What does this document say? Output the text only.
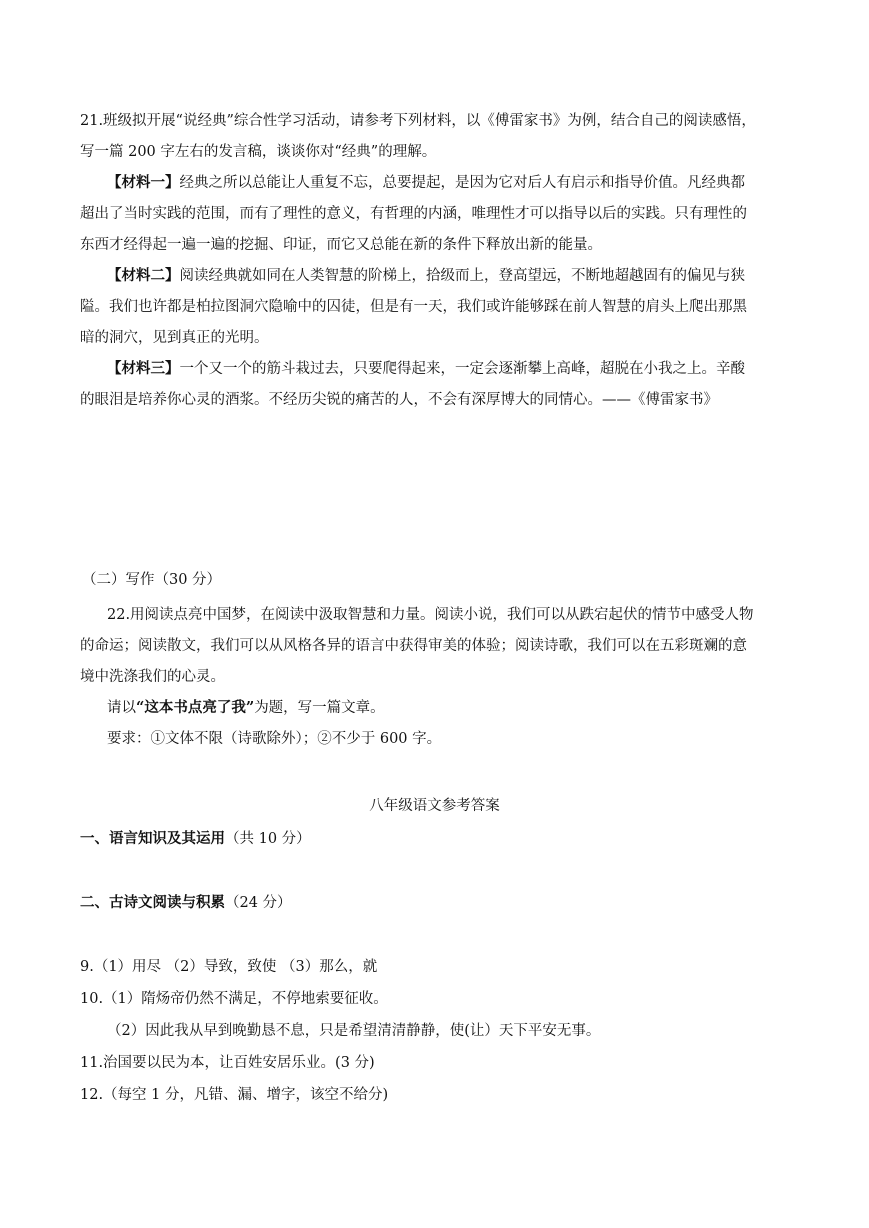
21.班级拟开展“说经典”综合性学习活动，请参考下列材料，以《傅雷家书》为例，结合自己的阅读感悟，
写一篇 200 字左右的发言稿，谈谈你对“经典”的理解。
【材料一】经典之所以总能让人重复不忘，总要提起，是因为它对后人有启示和指导价值。凡经典都
超出了当时实践的范围，而有了理性的意义，有哲理的内涵，唯理性才可以指导以后的实践。只有理性的
东西才经得起一遍一遍的挖掘、印证，而它又总能在新的条件下释放出新的能量。
【材料二】阅读经典就如同在人类智慧的阶梯上，拾级而上，登高望远，不断地超越固有的偏见与狭
隘。我们也许都是柏拉图洞穴隐喻中的囚徒，但是有一天，我们或许能够踩在前人智慧的肩头上爬出那黑
暗的洞穴，见到真正的光明。
【材料三】一个又一个的筋斗栽过去，只要爬得起来，一定会逐渐攀上高峰，超脱在小我之上。辛酸
的眼泪是培养你心灵的酒浆。不经历尖锐的痛苦的人，不会有深厚博大的同情心。——《傅雷家书》
（二）写作（30 分）
22.用阅读点亮中国梦，在阅读中汲取智慧和力量。阅读小说，我们可以从跌宕起伏的情节中感受人物
的命运；阅读散文，我们可以从风格各异的语言中获得审美的体验；阅读诗歌，我们可以在五彩斑斓的意
境中洗涤我们的心灵。
请以“这本书点亮了我”为题，写一篇文章。
要求：①文体不限（诗歌除外）；②不少于 600 字。
八年级语文参考答案
一、语言知识及其运用（共 10 分）
二、古诗文阅读与积累（24 分）
9.（1）用尽 （2）导致，致使 （3）那么，就
10.（1）隋炀帝仍然不满足，不停地索要征收。
（2）因此我从早到晚勤恳不息，只是希望清清静静，使(让）天下平安无事。
11.治国要以民为本，让百姓安居乐业。(3 分)
12.（每空 1 分，凡错、漏、增字，该空不给分)
